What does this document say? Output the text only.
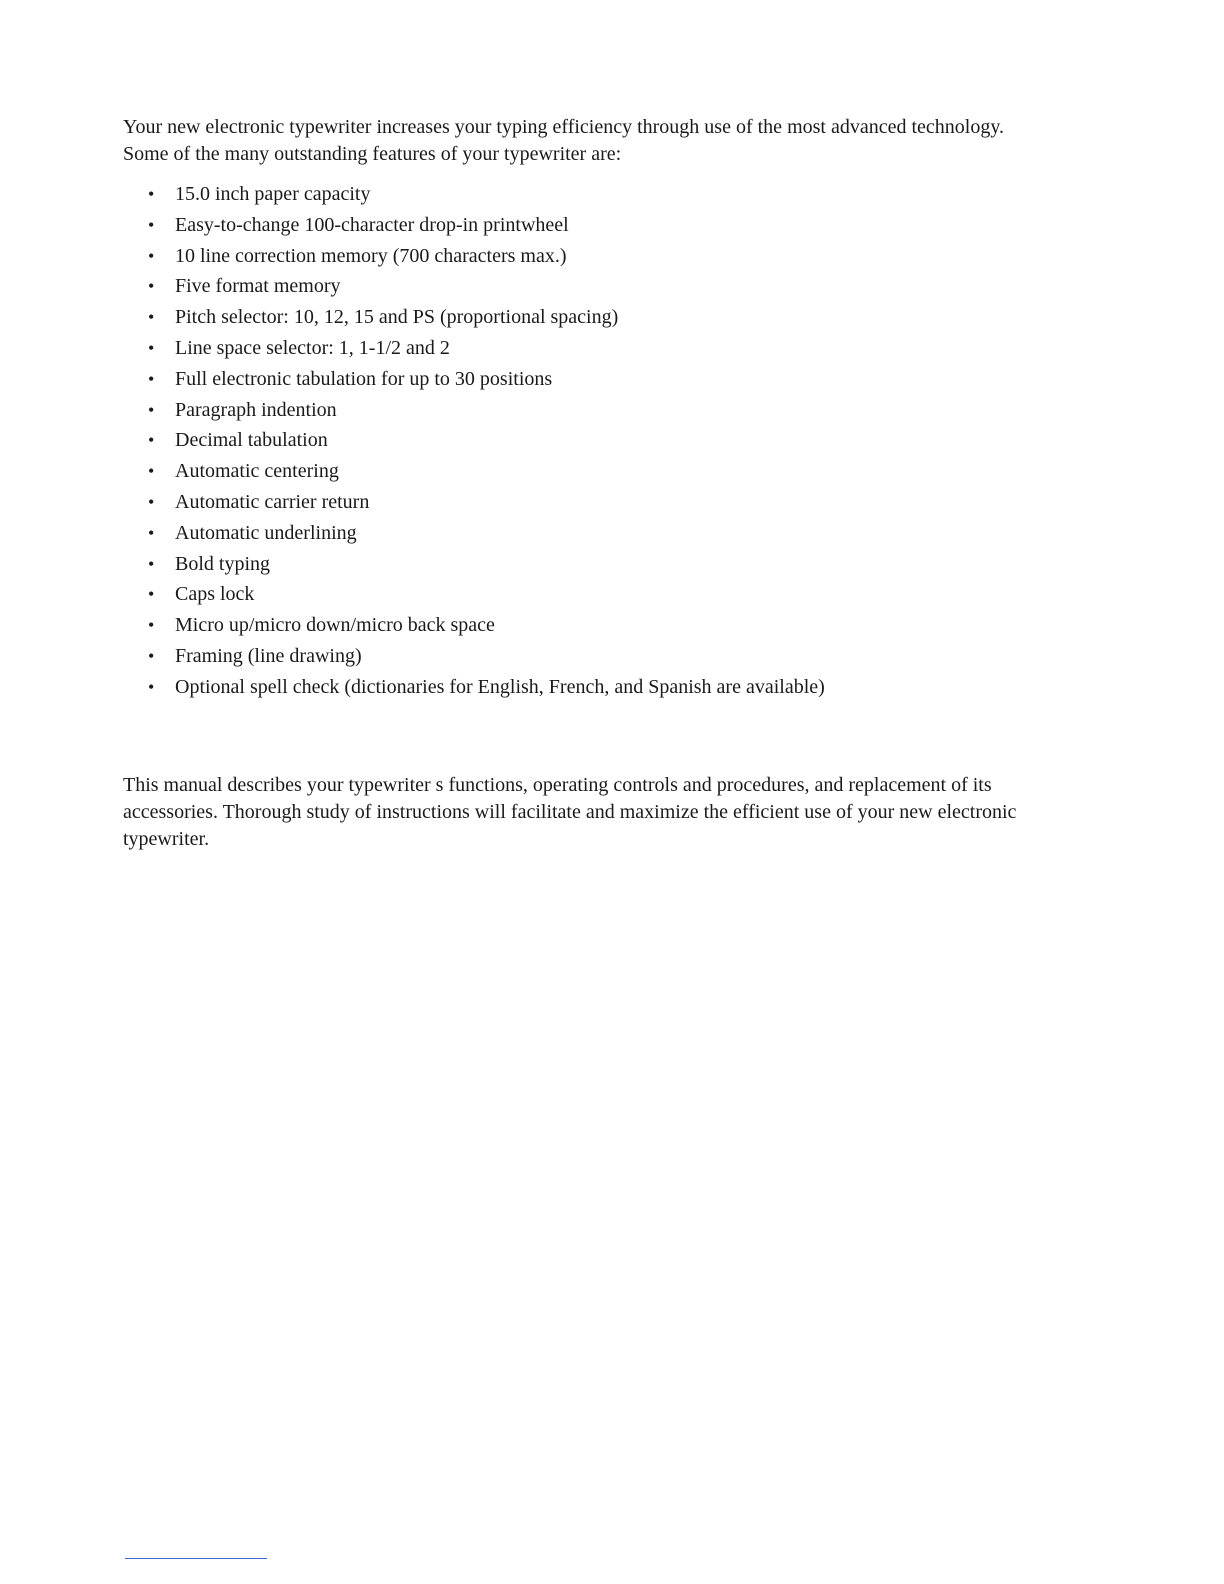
Your new electronic typewriter increases your typing efficiency through use of the most advanced technology. Some of the many outstanding features of your typewriter are:

•	15.0 inch paper capacity
•	Easy-to-change 100-character drop-in printwheel
•	10 line correction memory (700 characters max.)
•	Five format memory
•	Pitch selector: 10, 12, 15 and PS (proportional spacing)
•	Line space selector: 1, 1-1/2 and 2
•	Full electronic tabulation for up to 30 positions
•	Paragraph indention
•	Decimal tabulation
•	Automatic centering
•	Automatic carrier return
•	Automatic underlining
•	Bold typing
•	Caps lock
•	Micro up/micro down/micro back space
•	Framing (line drawing)
•	Optional spell check (dictionaries for English, French, and Spanish are available)

This manual describes your typewriter s functions, operating controls and procedures, and replacement of its accessories. Thorough study of instructions will facilitate and maximize the efficient use of your new electronic typewriter.
